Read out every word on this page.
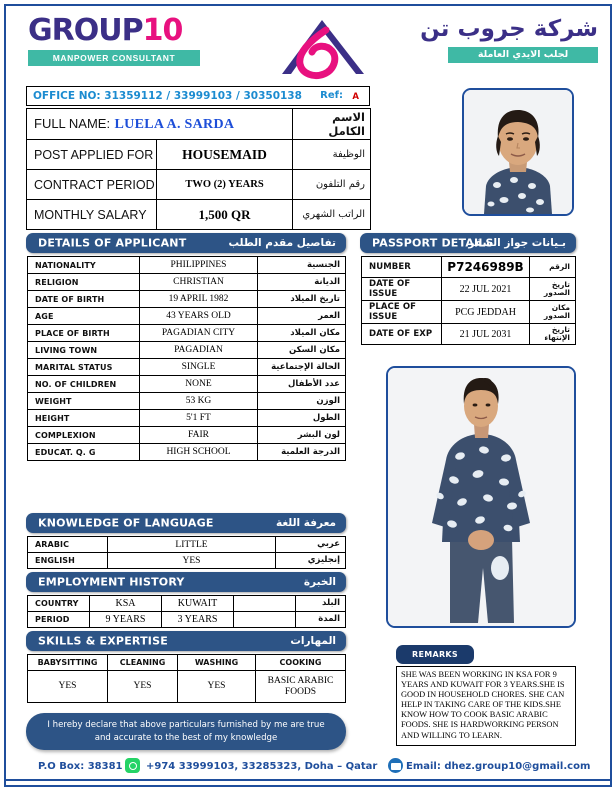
GROUP10
MANPOWER CONSULTANT
شركة جروب تن
لجلب الايدي العاملة
OFFICE NO: 31359112 / 33999103 / 30350138 Ref: A
FULL NAME: LUELA A. SARDA		الاسم الكامل
POST APPLIED FOR	HOUSEMAID	الوظيفة
CONTRACT PERIOD	TWO (2) YEARS	رقم التلفون
MONTHLY SALARY	1,500 QR	الراتب الشهري
DETAILS OF APPLICANT	تفاصيل مقدم الطلب
NATIONALITY	PHILIPPINES	الجنسية
RELIGION	CHRISTIAN	الديانة
DATE OF BIRTH	19 APRIL 1982	تاريخ الميلاد
AGE	43 YEARS OLD	العمر
PLACE OF BIRTH	PAGADIAN CITY	مكان الميلاد
LIVING TOWN	PAGADIAN	مكان السكن
MARITAL STATUS	SINGLE	الحالة الإجتماعية
NO. OF CHILDREN	NONE	عدد الأطفال
WEIGHT	53 KG	الوزن
HEIGHT	5'1 FT	الطول
COMPLEXION	FAIR	لون البشر
EDUCAT. Q. G	HIGH SCHOOL	الدرجة العلمية
PASSPORT DETAILS
بـيانات جواز السفر
NUMBER	P7246989B	الرقم
DATE OF ISSUE	22 JUL 2021	تاريخ الصدور
PLACE OF ISSUE	PCG JEDDAH	مكان الصدور
DATE OF EXP	21 JUL 2031	تاريخ الإنتهاء
KNOWLEDGE OF LANGUAGE	معرفة اللغة
ARABIC	LITTLE	عربي
ENGLISH	YES	إنجليزي
EMPLOYMENT HISTORY	الخبرة
COUNTRY	KSA	KUWAIT		البلد
PERIOD	9 YEARS	3 YEARS		المدة
SKILLS & EXPERTISE	المهارات
BABYSITTING	CLEANING	WASHING	COOKING
YES	YES	YES	BASIC ARABIC FOODS
I hereby declare that above particulars furnished by me are true and accurate to the best of my knowledge
REMARKS
SHE WAS BEEN WORKING IN KSA FOR 9 YEARS AND KUWAIT FOR 3 YEARS.SHE IS GOOD IN HOUSEHOLD CHORES. SHE CAN HELP IN TAKING CARE OF THE KIDS.SHE KNOW HOW TO COOK BASIC ARABIC FOODS. SHE IS HARDWORKING PERSON AND WILLING TO LEARN.
P.O Box: 38381 +974 33999103, 33285323, Doha – Qatar	Email: dhez.group10@gmail.com
